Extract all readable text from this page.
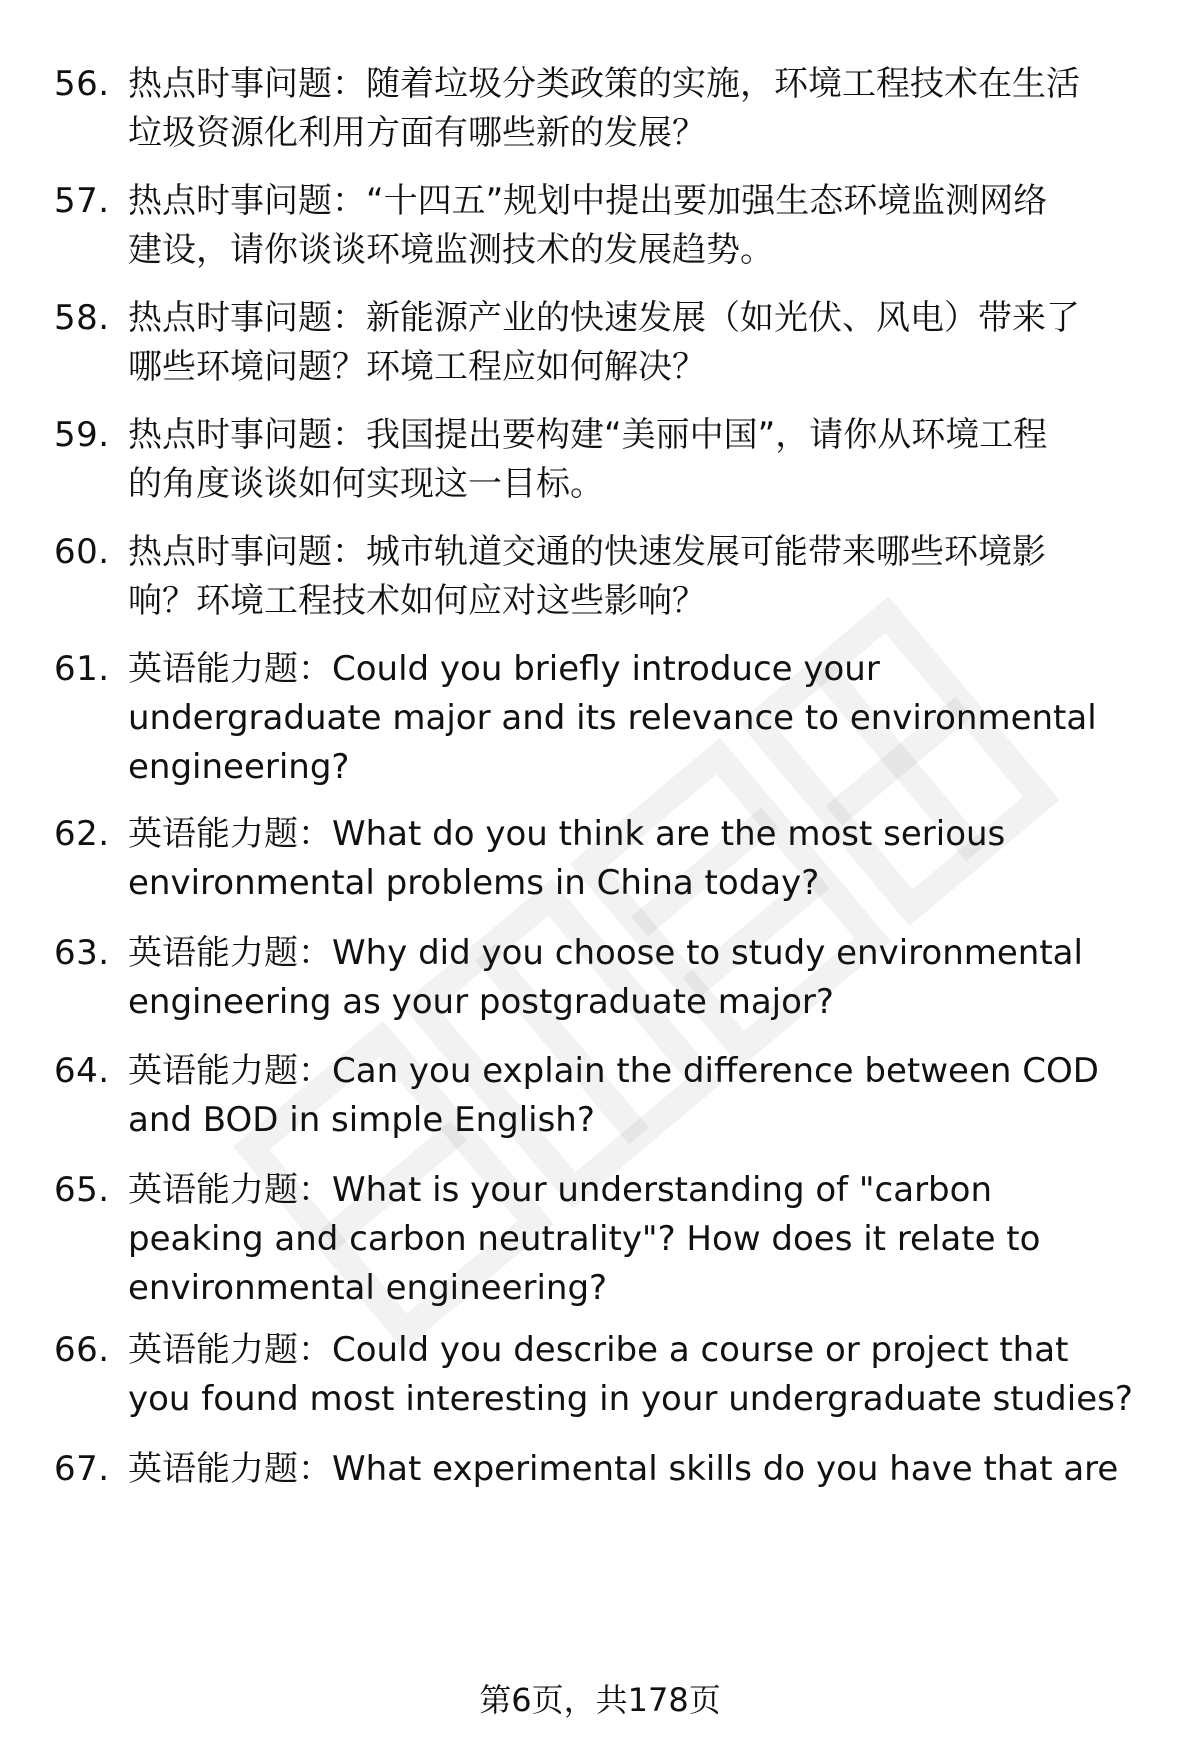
56. 热点时事问题：随着垃圾分类政策的实施，环境工程技术在生活
垃圾资源化利用方面有哪些新的发展？
57. 热点时事问题：“十四五”规划中提出要加强生态环境监测网络
建设，请你谈谈环境监测技术的发展趋势。
58. 热点时事问题：新能源产业的快速发展（如光伏、风电）带来了
哪些环境问题？环境工程应如何解决？
59. 热点时事问题：我国提出要构建“美丽中国”，请你从环境工程
的角度谈谈如何实现这一目标。
60. 热点时事问题：城市轨道交通的快速发展可能带来哪些环境影
响？环境工程技术如何应对这些影响？
61. 英语能力题：Could you briefly introduce your
undergraduate major and its relevance to environmental
engineering?
62. 英语能力题：What do you think are the most serious
environmental problems in China today?
63. 英语能力题：Why did you choose to study environmental
engineering as your postgraduate major?
64. 英语能力题：Can you explain the difference between COD
and BOD in simple English?
65. 英语能力题：What is your understanding of "carbon
peaking and carbon neutrality"? How does it relate to
environmental engineering?
66. 英语能力题：Could you describe a course or project that
you found most interesting in your undergraduate studies?
67. 英语能力题：What experimental skills do you have that are
第6页，共178页
